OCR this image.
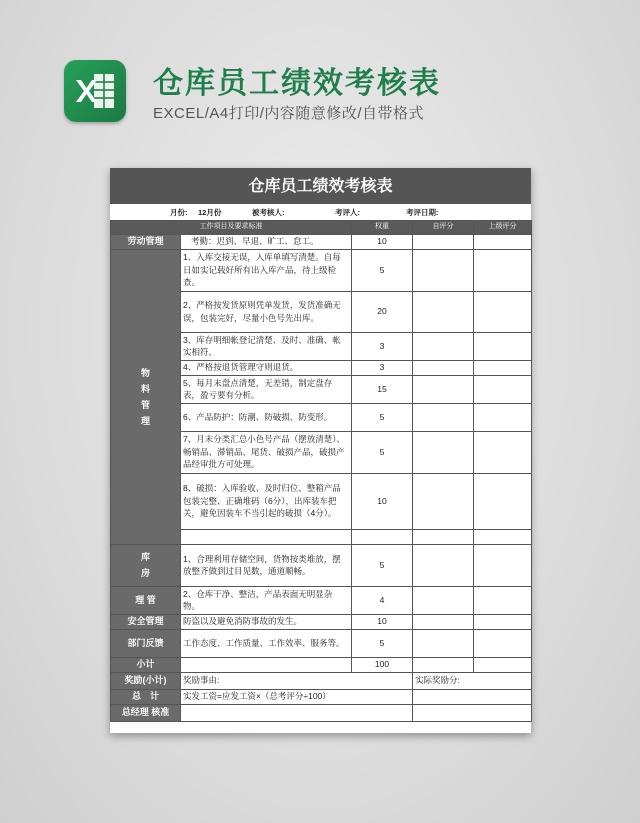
仓库员工绩效考核表
EXCEL/A4打印/内容随意修改/自带格式
仓库员工绩效考核表
月份: 12月份	被考核人:	考评人:	考评日期:
工作项目及要求标准		权重	自评分	上级评分
劳动管理	考勤：迟到、早退、旷工、怠工。	10		
物
料
管
理	1、入库交接无误，入库单填写清楚。自每日如实记载好所有出入库产品，待上级检查。	5		
	2、严格按发货原则凭单发货，发货准确无误，包装完好，尽量小色号先出库。	20		
	3、库存明细帐登记清楚、及时、准确、帐实相符。	3		
	4、严格按退货管理守则退货。	3		
	5、每月末盘点清楚，无差错，制定盘存表，盈亏要有分析。	15		
	6、产品防护：防潮、防破损、防变形。	5		
	7、月末分类汇总小色号产品（摆放清楚）、畅销品、滞销品、尾货、破损产品，破损产品经审批方可处理。	5		
	8、破损：入库验收、及时归位、整箱产品包装完整、正确堆码（6分），出库装车把关，避免因装车不当引起的破损（4分）。	10		

库
房	1、合理利用存储空间，货物按类堆放，摆放整齐做到过目见数，通道顺畅。	5		
理 管	2、仓库干净、整洁，产品表面无明显杂物。	4		
安全管理	防盗以及避免消防事故的发生。	10		
部门反馈	工作态度、工作质量、工作效率、服务等。	5		
小计		100		
奖励(小计)	奖励事由:		实际奖励分:	
总　计	实发工资=应发工资×（总考评分÷100）			
总经理 核准				
